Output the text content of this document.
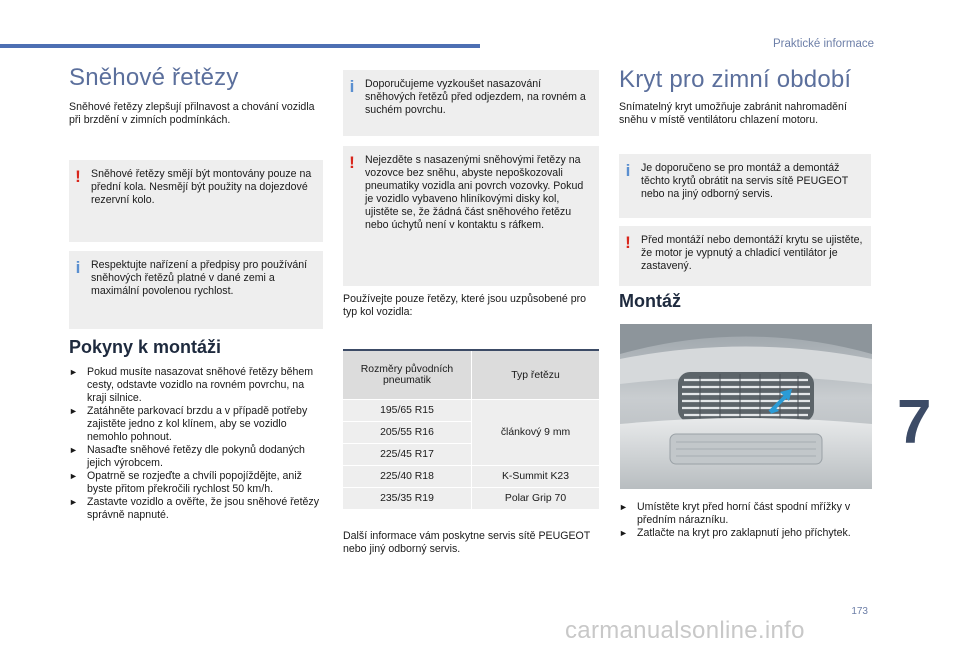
Praktické informace
Sněhové řetězy

Sněhové řetězy zlepšují přilnavost a chování vozidla při brzdění v zimních podmínkách.

! Sněhové řetězy smějí být montovány pouze na přední kola. Nesmějí být použity na dojezdové rezervní kolo.

i Respektujte nařízení a předpisy pro používání sněhových řetězů platné v dané zemi a maximální povolenou rychlost.

Pokyny k montáži
► Pokud musíte nasazovat sněhové řetězy během cesty, odstavte vozidlo na rovném povrchu, na kraji silnice.
► Zatáhněte parkovací brzdu a v případě potřeby zajistěte jedno z kol klínem, aby se vozidlo nemohlo pohnout.
► Nasaďte sněhové řetězy dle pokynů dodaných jejich výrobcem.
► Opatrně se rozjeďte a chvíli popojíždějte, aniž byste přitom překročili rychlost 50 km/h.
► Zastavte vozidlo a ověřte, že jsou sněhové řetězy správně napnuté.
i Doporučujeme vyzkoušet nasazování sněhových řetězů před odjezdem, na rovném a suchém povrchu.

! Nejezděte s nasazenými sněhovými řetězy na vozovce bez sněhu, abyste nepoškozovali pneumatiky vozidla ani povrch vozovky. Pokud je vozidlo vybaveno hliníkovými disky kol, ujistěte se, že žádná část sněhového řetězu nebo úchytů není v kontaktu s ráfkem.

Používejte pouze řetězy, které jsou uzpůsobené pro typ kol vozidla:

Rozměry původních pneumatik	Typ řetězu
195/65 R15	článkový 9 mm
205/55 R16	
225/45 R17	
225/40 R18	K-Summit K23
235/35 R19	Polar Grip 70

Další informace vám poskytne servis sítě PEUGEOT nebo jiný odborný servis.

Kryt pro zimní období

Snímatelný kryt umožňuje zabránit nahromadění sněhu v místě ventilátoru chlazení motoru.

i Je doporučeno se pro montáž a demontáž těchto krytů obrátit na servis sítě PEUGEOT nebo na jiný odborný servis.

! Před montáží nebo demontáží krytu se ujistěte, že motor je vypnutý a chladicí ventilátor je zastavený.

Montáž
► Umístěte kryt před horní část spodní mřížky v předním nárazníku.
► Zatlačte na kryt pro zaklapnutí jeho příchytek.
7
173
carmanualsonline.info
